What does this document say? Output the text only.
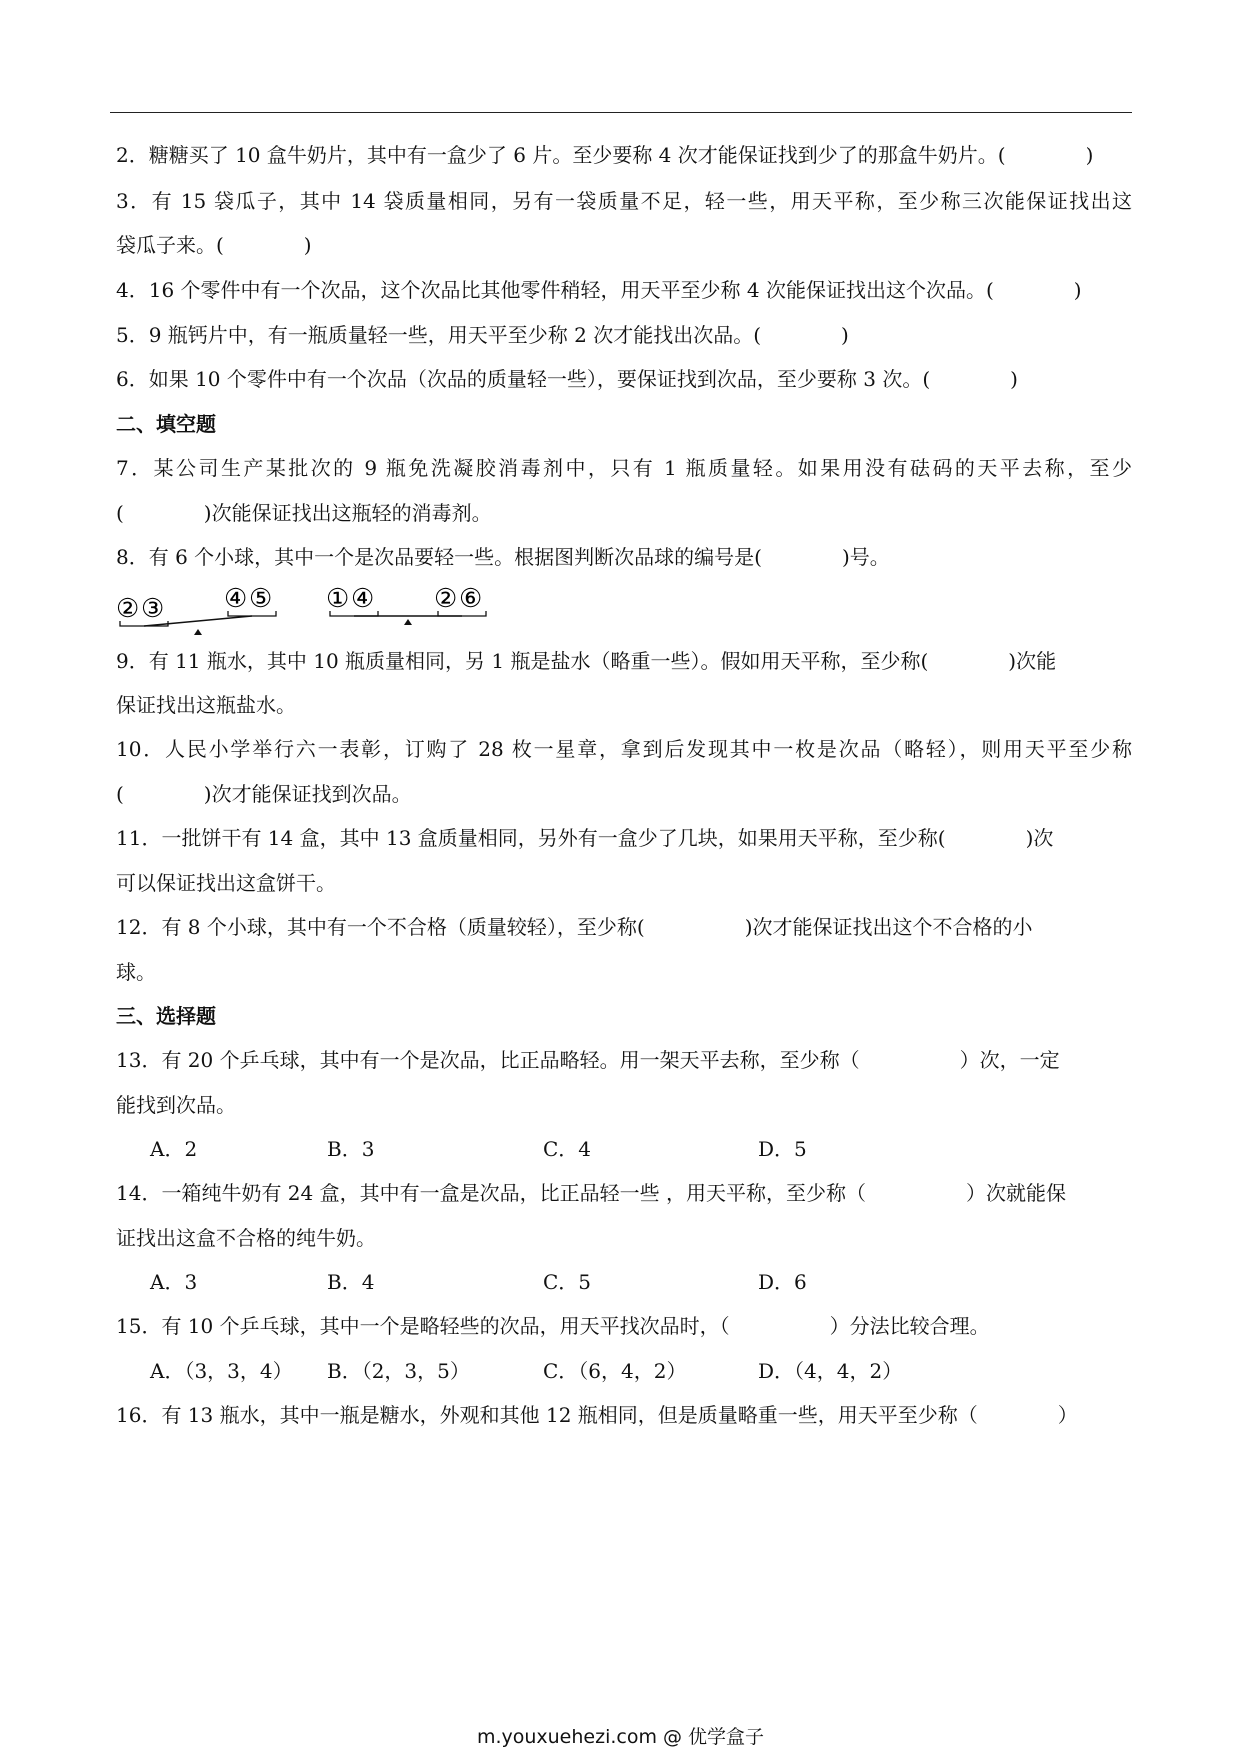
2．糖糖买了 10 盒牛奶片，其中有一盒少了 6 片。至少要称 4 次才能保证找到少了的那盒牛奶片。(　　　　)
3．有 15 袋瓜子，其中 14 袋质量相同，另有一袋质量不足，轻一些，用天平称，至少称三次能保证找出这
袋瓜子来。(　　　　)
4．16 个零件中有一个次品，这个次品比其他零件稍轻，用天平至少称 4 次能保证找出这个次品。(　　　　)
5．9 瓶钙片中，有一瓶质量轻一些，用天平至少称 2 次才能找出次品。(　　　　)
6．如果 10 个零件中有一个次品（次品的质量轻一些），要保证找到次品，至少要称 3 次。(　　　　)
二、填空题
7．某公司生产某批次的 9 瓶免洗凝胶消毒剂中，只有 1 瓶质量轻。如果用没有砝码的天平去称，至少
(　　　　)次能保证找出这瓶轻的消毒剂。
8．有 6 个小球，其中一个是次品要轻一些。根据图判断次品球的编号是(　　　　)号。
② ③ ④ ⑤ ① ④ ② ⑥
9．有 11 瓶水，其中 10 瓶质量相同，另 1 瓶是盐水（略重一些）。假如用天平称，至少称(　　　　)次能
保证找出这瓶盐水。
10．人民小学举行六一表彰，订购了 28 枚一星章，拿到后发现其中一枚是次品（略轻），则用天平至少称
(　　　　)次才能保证找到次品。
11．一批饼干有 14 盒，其中 13 盒质量相同，另外有一盒少了几块，如果用天平称，至少称(　　　　)次
可以保证找出这盒饼干。
12．有 8 个小球，其中有一个不合格（质量较轻），至少称(　　　　　)次才能保证找出这个不合格的小
球。
三、选择题
13．有 20 个乒乓球，其中有一个是次品，比正品略轻。用一架天平去称，至少称（　　　　　）次，一定
能找到次品。
A．2	B．3	C．4	D．5
14．一箱纯牛奶有 24 盒，其中有一盒是次品，比正品轻一些 ，用天平称，至少称（　　　　　）次就能保
证找出这盒不合格的纯牛奶。
A．3	B．4	C．5	D．6
15．有 10 个乒乓球，其中一个是略轻些的次品，用天平找次品时，（　　　　　）分法比较合理。
A．（3，3，4） B．（2，3，5）	C．（6，4，2）	D．（4，4，2）
16．有 13 瓶水，其中一瓶是糖水，外观和其他 12 瓶相同，但是质量略重一些，用天平至少称（　　　　）
m.youxuehezi.com @ 优学盒子
